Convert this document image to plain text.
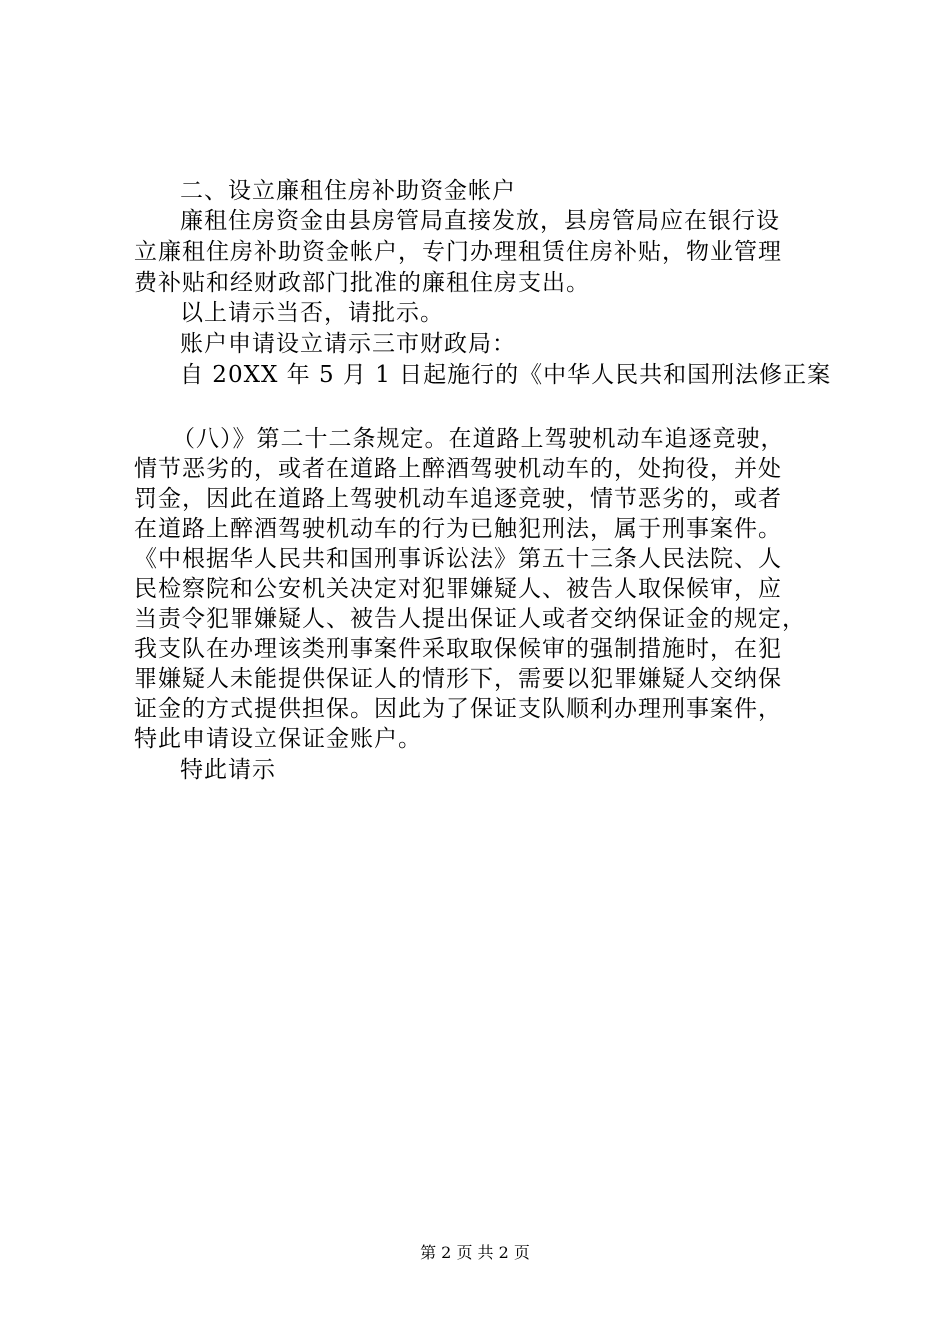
二、设立廉租住房补助资金帐户
廉租住房资金由县房管局直接发放，县房管局应在银行设
立廉租住房补助资金帐户，专门办理租赁住房补贴，物业管理
费补贴和经财政部门批准的廉租住房支出。
以上请示当否，请批示。
账户申请设立请示三市财政局：
自 20XX 年 5 月 1 日起施行的《中华人民共和国刑法修正案
（八）》第二十二条规定。在道路上驾驶机动车追逐竞驶，
情节恶劣的，或者在道路上醉酒驾驶机动车的，处拘役，并处
罚金，因此在道路上驾驶机动车追逐竞驶，情节恶劣的，或者
在道路上醉酒驾驶机动车的行为已触犯刑法，属于刑事案件。
《中根据华人民共和国刑事诉讼法》第五十三条人民法院、人
民检察院和公安机关决定对犯罪嫌疑人、被告人取保候审，应
当责令犯罪嫌疑人、被告人提出保证人或者交纳保证金的规定，
我支队在办理该类刑事案件采取取保候审的强制措施时，在犯
罪嫌疑人未能提供保证人的情形下，需要以犯罪嫌疑人交纳保
证金的方式提供担保。因此为了保证支队顺利办理刑事案件，
特此申请设立保证金账户。
特此请示
第 2 页 共 2 页
